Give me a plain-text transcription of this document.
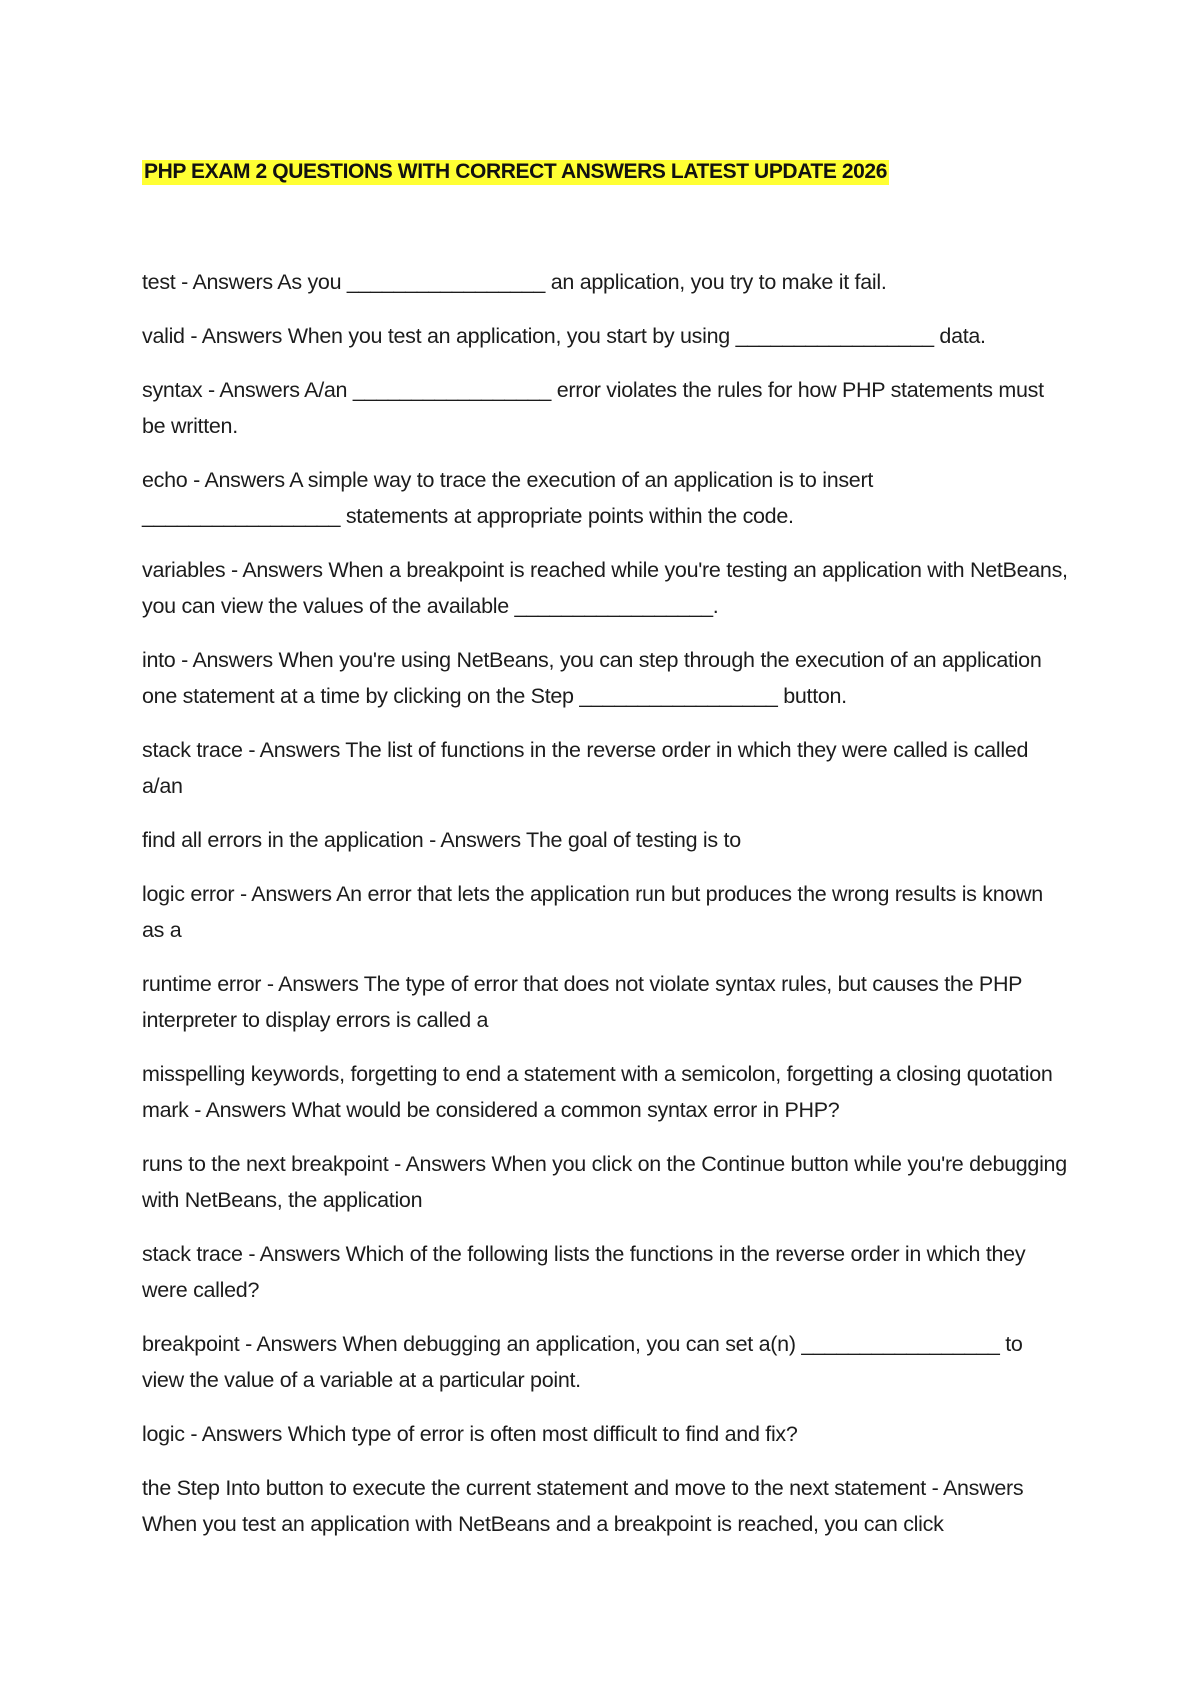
PHP EXAM 2 QUESTIONS WITH CORRECT ANSWERS LATEST UPDATE 2026
test - Answers As you _________________ an application, you try to make it fail.
valid - Answers When you test an application, you start by using _________________ data.
syntax - Answers A/an _________________ error violates the rules for how PHP statements must be written.
echo - Answers A simple way to trace the execution of an application is to insert _________________ statements at appropriate points within the code.
variables - Answers When a breakpoint is reached while you're testing an application with NetBeans, you can view the values of the available _________________.
into - Answers When you're using NetBeans, you can step through the execution of an application one statement at a time by clicking on the Step _________________ button.
stack trace - Answers The list of functions in the reverse order in which they were called is called a/an
find all errors in the application - Answers The goal of testing is to
logic error - Answers An error that lets the application run but produces the wrong results is known as a
runtime error - Answers The type of error that does not violate syntax rules, but causes the PHP interpreter to display errors is called a
misspelling keywords, forgetting to end a statement with a semicolon, forgetting a closing quotation mark - Answers What would be considered a common syntax error in PHP?
runs to the next breakpoint - Answers When you click on the Continue button while you're debugging with NetBeans, the application
stack trace - Answers Which of the following lists the functions in the reverse order in which they were called?
breakpoint - Answers When debugging an application, you can set a(n) _________________ to view the value of a variable at a particular point.
logic - Answers Which type of error is often most difficult to find and fix?
the Step Into button to execute the current statement and move to the next statement - Answers When you test an application with NetBeans and a breakpoint is reached, you can click
